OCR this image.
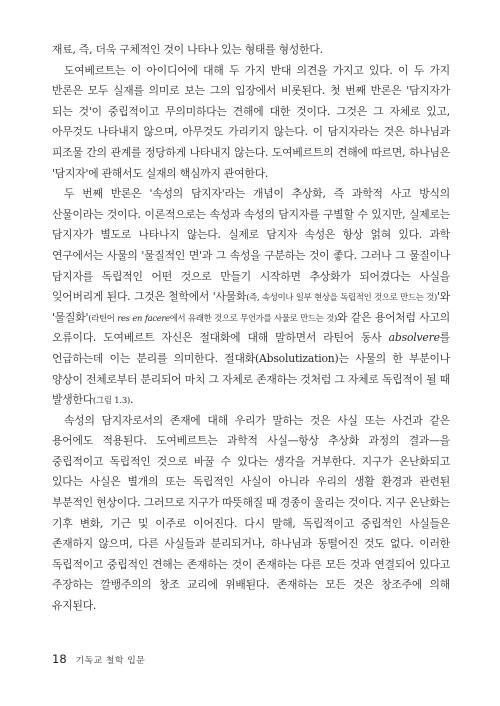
재료, 즉, 더욱 구체적인 것이 나타나 있는 형태를 형성한다.

도여베르트는 이 아이디어에 대해 두 가지 반대 의견을 가지고 있다. 이 두 가지 반론은 모두 실재를 의미로 보는 그의 입장에서 비롯된다. 첫 번째 반론은 '담지자가 되는 것'이 중립적이고 무의미하다는 견해에 대한 것이다. 그것은 그 자체로 있고, 아무것도 나타내지 않으며, 아무것도 가리키지 않는다. 이 담지자라는 것은 하나님과 피조물 간의 관계를 정당하게 나타내지 않는다. 도여베르트의 견해에 따르면, 하나님은 '담지자'에 관해서도 실재의 핵심까지 관여한다.

두 번째 반론은 '속성의 담지자'라는 개념이 추상화, 즉 과학적 사고 방식의 산물이라는 것이다. 이론적으로는 속성과 속성의 담지자를 구별할 수 있지만, 실제로는 담지자가 별도로 나타나지 않는다. 실제로 담지자 속성은 항상 얽혀 있다. 과학 연구에서는 사물의 '물질적인 면'과 그 속성을 구분하는 것이 좋다. 그러나 그 물질이나 담지자를 독립적인 어떤 것으로 만들기 시작하면 추상화가 되어겼다는 사실을 잊어버리게 된다. 그것은 철학에서 '사물화(즉, 속성이나 일부 현상을 독립적인 것으로 만드는 것)'와 '물질화'(라틴어 res en facere에서 유래한 것으로 무언가를 사물로 만드는 것)와 같은 용어처럼 사고의 오류이다. 도여베르트 자신은 절대화에 대해 말하면서 라틴어 동사 absolvere를 언급하는데 이는 분리를 의미한다. 절대화(Absolutization)는 사물의 한 부분이나 양상이 전체로부터 분리되어 마치 그 자체로 존재하는 것처럼 그 자체로 독립적이 될 때 발생한다(그림 1.3).

속성의 담지자로서의 존재에 대해 우리가 말하는 것은 사실 또는 사건과 같은 용어에도 적용된다. 도여베르트는 과학적 사실—항상 추상화 과정의 결과—을 중립적이고 독립적인 것으로 바꿀 수 있다는 생각을 거부한다. 지구가 온난화되고 있다는 사실은 별개의 또는 독립적인 사실이 아니라 우리의 생활 환경과 관련된 부분적인 현상이다. 그러므로 지구가 따뜻해질 때 경종이 울리는 것이다. 지구 온난화는 기후 변화, 기근 및 이주로 이어진다. 다시 말해, 독립적이고 중립적인 사실들은 존재하지 않으며, 다른 사실들과 분리되거나, 하나님과 동떨어진 것도 없다. 이러한 독립적이고 중립적인 견해는 존재하는 것이 존재하는 다른 모든 것과 연결되어 있다고 주장하는 깔뱅주의의 창조 교리에 위배된다. 존재하는 모든 것은 창조주에 의해 유지된다.

18 기독교 철학 입문
